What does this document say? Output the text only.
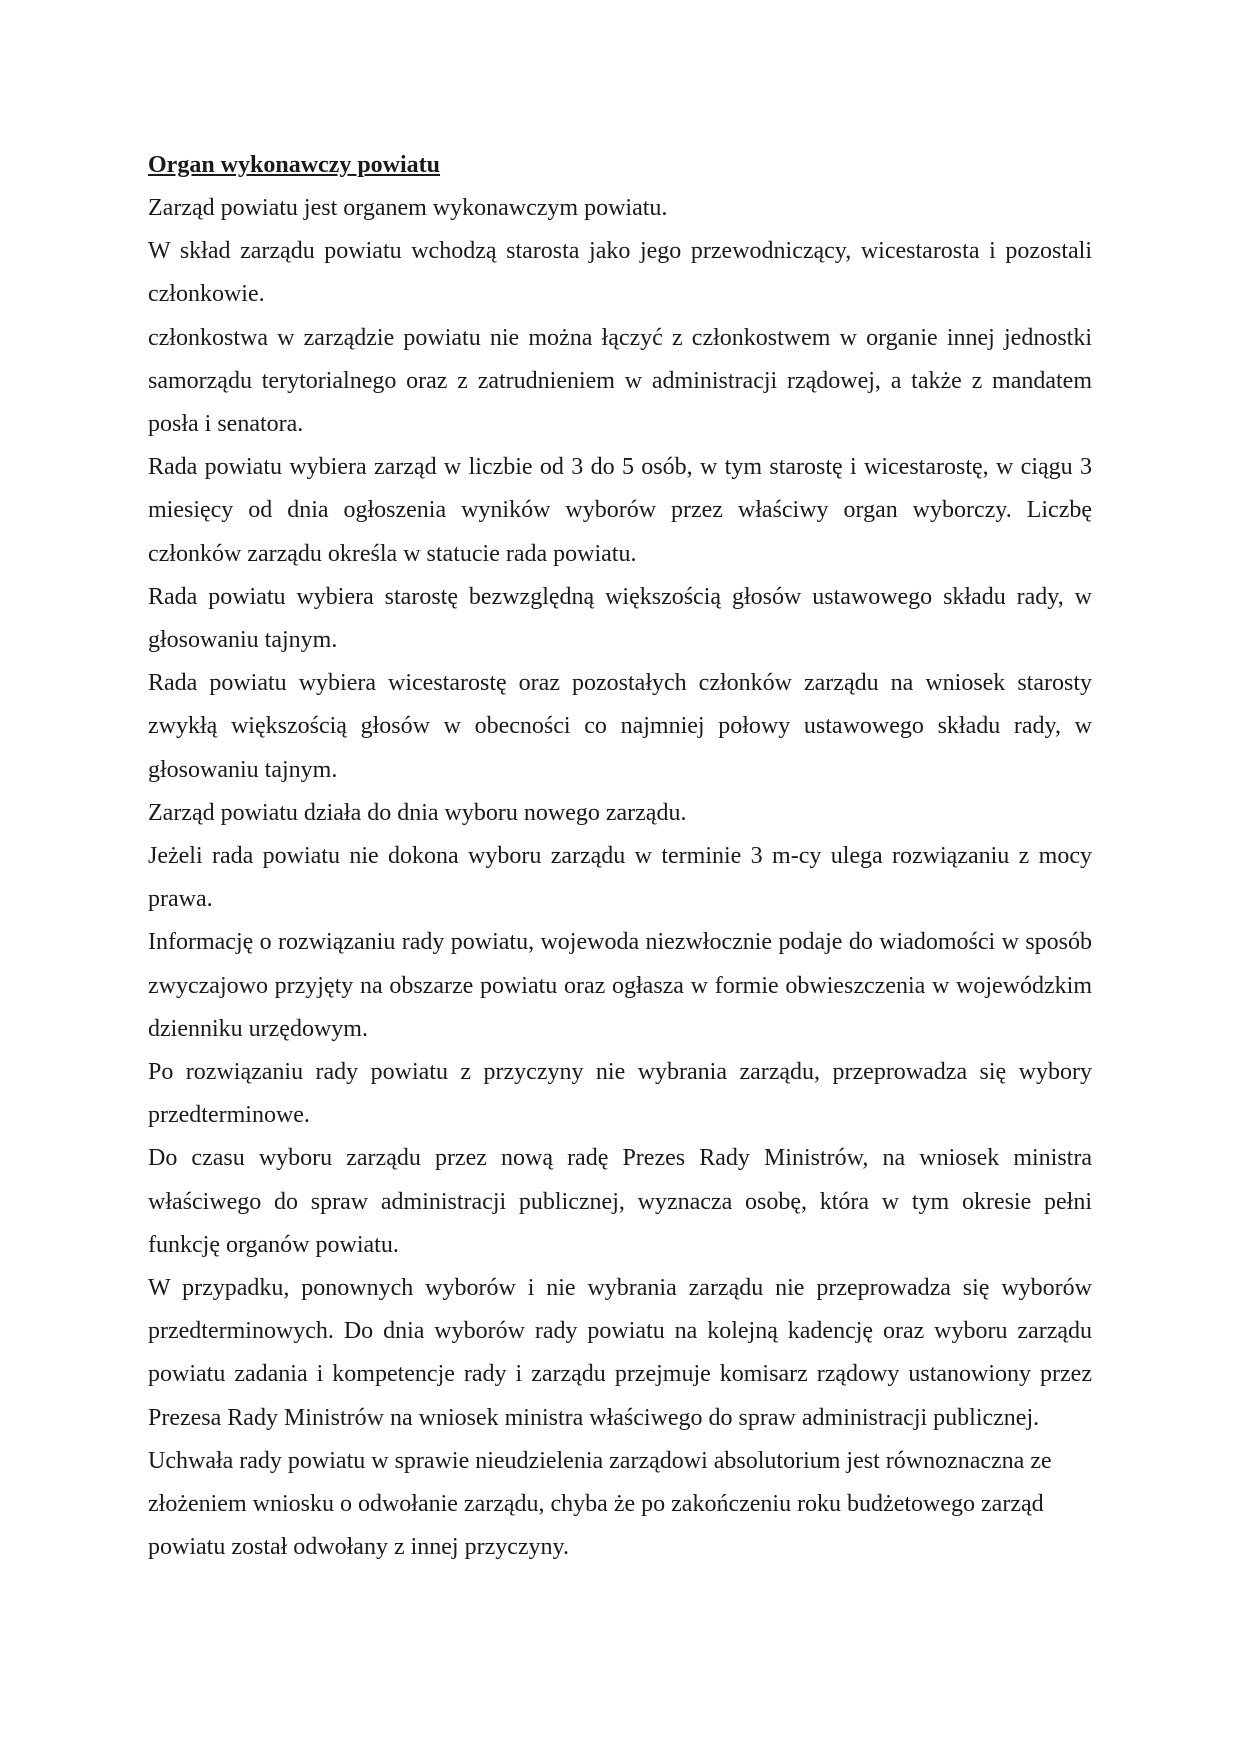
Organ wykonawczy powiatu

Zarząd powiatu jest organem wykonawczym powiatu.

W skład zarządu powiatu wchodzą starosta jako jego przewodniczący, wicestarosta i pozostali członkowie.

członkostwa w zarządzie powiatu nie można łączyć z członkostwem w organie innej jednostki samorządu terytorialnego oraz z zatrudnieniem w administracji rządowej, a także z mandatem posła i senatora.

Rada powiatu wybiera zarząd w liczbie od 3 do 5 osób, w tym starostę i wicestarostę, w ciągu 3 miesięcy od dnia ogłoszenia wyników wyborów przez właściwy organ wyborczy. Liczbę członków zarządu określa w statucie rada powiatu.

Rada powiatu wybiera starostę bezwzględną większością głosów ustawowego składu rady, w głosowaniu tajnym.

Rada powiatu wybiera wicestarostę oraz pozostałych członków zarządu na wniosek starosty zwykłą większością głosów w obecności co najmniej połowy ustawowego składu rady, w głosowaniu tajnym.

Zarząd powiatu działa do dnia wyboru nowego zarządu.

Jeżeli rada powiatu nie dokona wyboru zarządu w terminie 3 m-cy ulega rozwiązaniu z mocy prawa.

Informację o rozwiązaniu rady powiatu, wojewoda niezwłocznie podaje do wiadomości w sposób zwyczajowo przyjęty na obszarze powiatu oraz ogłasza w formie obwieszczenia w wojewódzkim dzienniku urzędowym.

Po rozwiązaniu rady powiatu z przyczyny nie wybrania zarządu, przeprowadza się wybory przedterminowe.

Do czasu wyboru zarządu przez nową radę Prezes Rady Ministrów, na wniosek ministra właściwego do spraw administracji publicznej, wyznacza osobę, która w tym okresie pełni funkcję organów powiatu.

W przypadku, ponownych wyborów i nie wybrania zarządu nie przeprowadza się wyborów przedterminowych. Do dnia wyborów rady powiatu na kolejną kadencję oraz wyboru zarządu powiatu zadania i kompetencje rady i zarządu przejmuje komisarz rządowy ustanowiony przez Prezesa Rady Ministrów na wniosek ministra właściwego do spraw administracji publicznej.

Uchwała rady powiatu w sprawie nieudzielenia zarządowi absolutorium jest równoznaczna ze złożeniem wniosku o odwołanie zarządu, chyba że po zakończeniu roku budżetowego zarząd powiatu został odwołany z innej przyczyny.
